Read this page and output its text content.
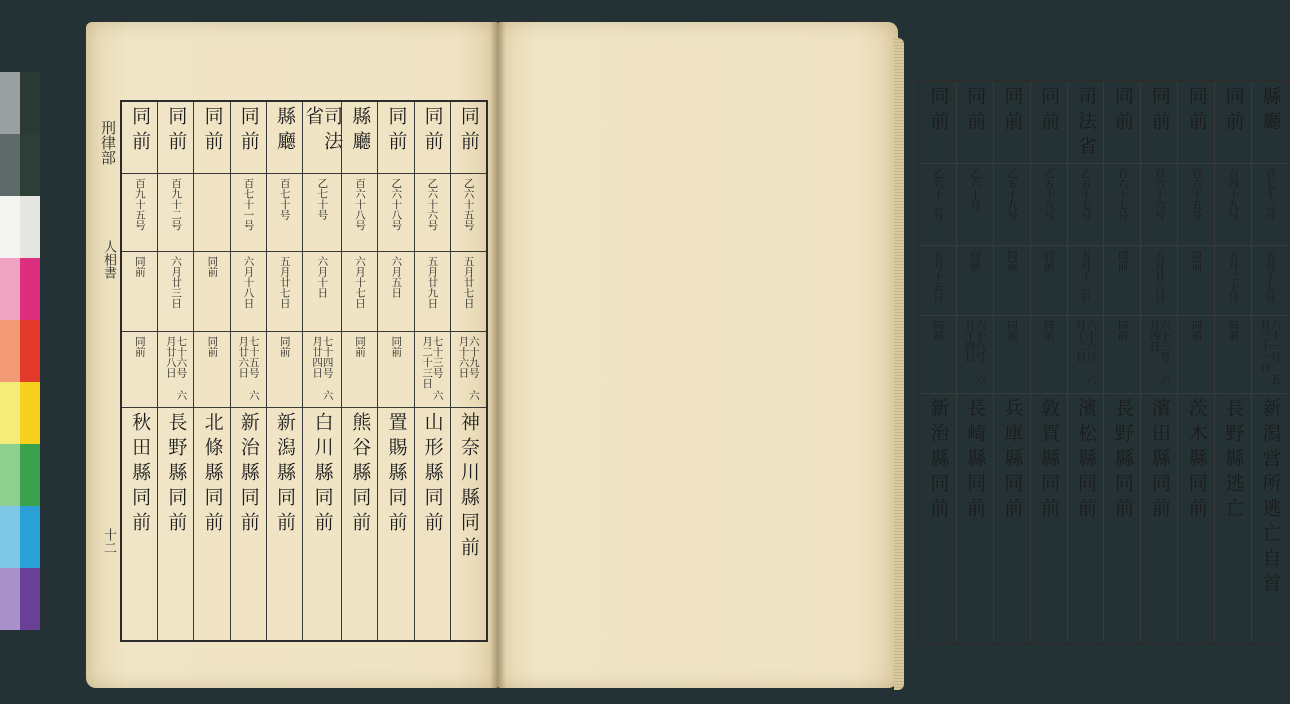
刑律部
人相書
十二
同前
乙六十五号
五月廿七日
六十九号 六月十六日
神奈川縣同前
同前
乙六十六号
五月廿九日
七十三号 六月二十三日
山形縣同前
同前
乙六十八号
六月五日
同前
置賜縣同前
縣廳
百六十八号
六月十七日
同前
熊谷縣同前
司法省
乙七十号
六月十日
七十四号 六月廿四日
白川縣同前
縣廳
百七十号
五月廿七日
同前
新潟縣同前
同前
百七十一号
六月十八日
七十五号 六月廿六日
新治縣同前
同前
同前
同前
北條縣同前
同前
百九十二号
六月廿三日
七十六号 六月廿八日
長野縣同前
同前
百九十五号
同前
同前
秋田縣同前
縣廳
百七十三号
五月十七日
六十一号 五月三十一日
新潟営所逃亡自首
同前
百四十九号
五月二十日
同前
長野縣逃亡
同前
百六十五号
同前
同前
茨木縣同前
同前
百六十六号
五月廿八日
六十三号 六月四日
濱田縣同前
同前
百六十七号
同前
同前
長野縣同前
司法省
乙五十七号
五月十二日
六十六号 六月十二日
濱松縣同前
同前
乙五十八号
同前
同前
敦賀縣同前
同前
乙五十九号
同前
同前
兵庫縣同前
同前
乙六十号
同前
六十八号 六月十四日
長崎縣同前
同前
乙六十二号
五月十五日
同前
新治縣同前
